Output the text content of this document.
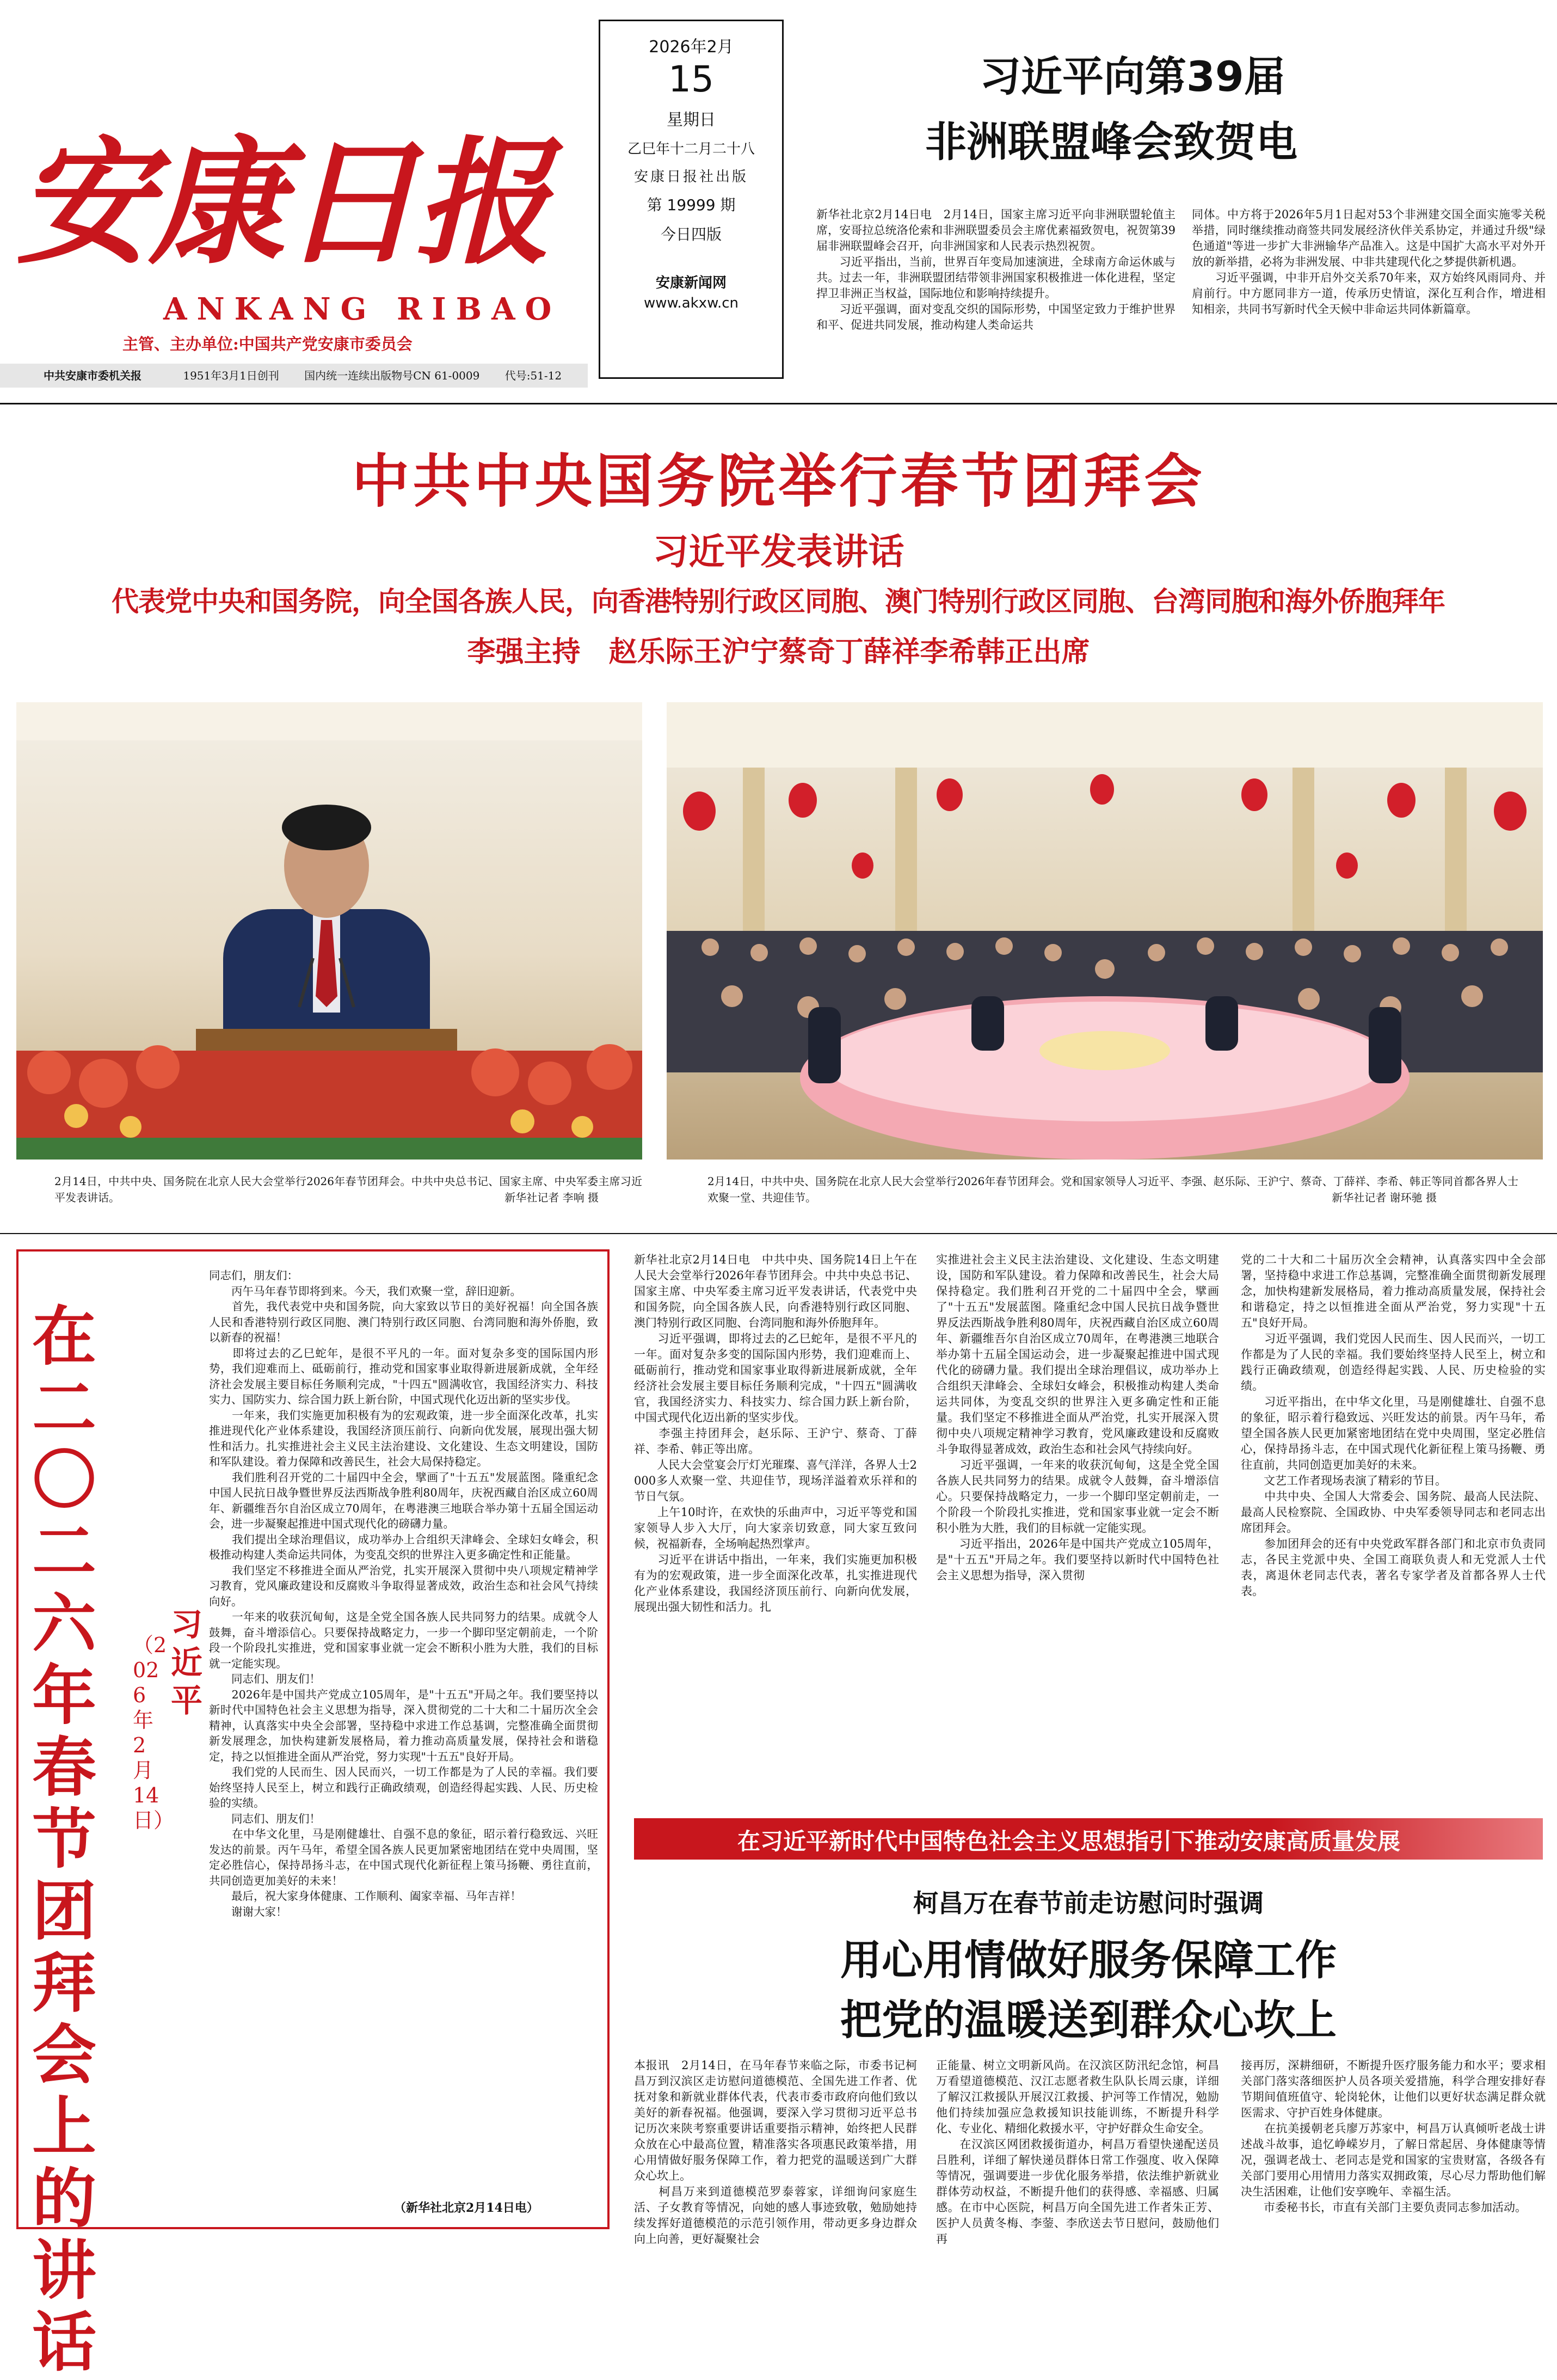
安康日报
ANKANG RIBAO
主管、主办单位:中国共产党安康市委员会
中共安康市委机关报	1951年3月1日创刊 国内统一连续出版物号CN 61-0009 代号:51-12
2026年2月
15
星期日
乙巳年十二月二十八
安康日报社出版
第 19999 期
今日四版
安康新闻网
www.akxw.cn
习近平向第39届
非洲联盟峰会致贺电
新华社北京2月14日电　2月14日，国家主席习近平向非洲联盟轮值主席，安哥拉总统洛伦索和非洲联盟委员会主席优素福致贺电，祝贺第39届非洲联盟峰会召开，向非洲国家和人民表示热烈祝贺。
　　习近平指出，当前，世界百年变局加速演进，全球南方命运休戚与共。过去一年，非洲联盟团结带领非洲国家积极推进一体化进程，坚定捍卫非洲正当权益，国际地位和影响持续提升。
　　习近平强调，面对变乱交织的国际形势，中国坚定致力于维护世界和平、促进共同发展，推动构建人类命运共
同体。中方将于2026年5月1日起对53个非洲建交国全面实施零关税举措，同时继续推动商签共同发展经济伙伴关系协定，并通过升级"绿色通道"等进一步扩大非洲输华产品准入。这是中国扩大高水平对外开放的新举措，必将为非洲发展、中非共建现代化之梦提供新机遇。
　　习近平强调，中非开启外交关系70年来，双方始终风雨同舟、并肩前行。中方愿同非方一道，传承历史情谊，深化互利合作，增进相知相亲，共同书写新时代全天候中非命运共同体新篇章。
中共中央国务院举行春节团拜会
习近平发表讲话
代表党中央和国务院，向全国各族人民，向香港特别行政区同胞、澳门特别行政区同胞、台湾同胞和海外侨胞拜年
李强主持　赵乐际王沪宁蔡奇丁薛祥李希韩正出席
2月14日，中共中央、国务院在北京人民大会堂举行2026年春节团拜会。中共中央总书记、国家主席、中央军委主席习近平发表讲话。	新华社记者 李响 摄
2月14日，中共中央、国务院在北京人民大会堂举行2026年春节团拜会。党和国家领导人习近平、李强、赵乐际、王沪宁、蔡奇、丁薛祥、李希、韩正等同首都各界人士欢聚一堂、共迎佳节。	新华社记者 谢环驰 摄
在二〇二六年春节团拜会上的讲话
（2026年2月14日）
习近平
同志们，朋友们：
　　丙午马年春节即将到来。今天，我们欢聚一堂，辞旧迎新。
　　首先，我代表党中央和国务院，向大家致以节日的美好祝福！向全国各族人民和香港特别行政区同胞、澳门特别行政区同胞、台湾同胞和海外侨胞，致以新春的祝福！
　　即将过去的乙巳蛇年，是很不平凡的一年。面对复杂多变的国际国内形势，我们迎难而上、砥砺前行，推动党和国家事业取得新进展新成就，全年经济社会发展主要目标任务顺利完成，"十四五"圆满收官，我国经济实力、科技实力、国防实力、综合国力跃上新台阶，中国式现代化迈出新的坚实步伐。
　　一年来，我们实施更加积极有为的宏观政策，进一步全面深化改革，扎实推进现代化产业体系建设，我国经济顶压前行、向新向优发展，展现出强大韧性和活力。扎实推进社会主义民主法治建设、文化建设、生态文明建设，国防和军队建设。着力保障和改善民生，社会大局保持稳定。
　　我们胜利召开党的二十届四中全会，擘画了"十五五"发展蓝图。隆重纪念中国人民抗日战争暨世界反法西斯战争胜利80周年，庆祝西藏自治区成立60周年、新疆维吾尔自治区成立70周年，在粤港澳三地联合举办第十五届全国运动会，进一步凝聚起推进中国式现代化的磅礴力量。
　　我们提出全球治理倡议，成功举办上合组织天津峰会、全球妇女峰会，积极推动构建人类命运共同体，为变乱交织的世界注入更多确定性和正能量。
　　我们坚定不移推进全面从严治党，扎实开展深入贯彻中央八项规定精神学习教育，党风廉政建设和反腐败斗争取得显著成效，政治生态和社会风气持续向好。
　　一年来的收获沉甸甸，这是全党全国各族人民共同努力的结果。成就令人鼓舞，奋斗增添信心。只要保持战略定力，一步一个脚印坚定朝前走，一个阶段一个阶段扎实推进，党和国家事业就一定会不断积小胜为大胜，我们的目标就一定能实现。
　　同志们、朋友们！
　　2026年是中国共产党成立105周年，是"十五五"开局之年。我们要坚持以新时代中国特色社会主义思想为指导，深入贯彻党的二十大和二十届历次全会精神，认真落实中央全会部署，坚持稳中求进工作总基调，完整准确全面贯彻新发展理念，加快构建新发展格局，着力推动高质量发展，保持社会和谐稳定，持之以恒推进全面从严治党，努力实现"十五五"良好开局。
　　我们党的人民而生、因人民而兴，一切工作都是为了人民的幸福。我们要始终坚持人民至上，树立和践行正确政绩观，创造经得起实践、人民、历史检验的实绩。
　　同志们、朋友们！
　　在中华文化里，马是刚健雄壮、自强不息的象征，昭示着行稳致远、兴旺发达的前景。丙午马年，希望全国各族人民更加紧密地团结在党中央周围，坚定必胜信心，保持昂扬斗志，在中国式现代化新征程上策马扬鞭、勇往直前，共同创造更加美好的未来！
　　最后，祝大家身体健康、工作顺利、阖家幸福、马年吉祥！
　　谢谢大家！
（新华社北京2月14日电）
新华社北京2月14日电　中共中央、国务院14日上午在人民大会堂举行2026年春节团拜会。中共中央总书记、国家主席、中央军委主席习近平发表讲话，代表党中央和国务院，向全国各族人民，向香港特别行政区同胞、澳门特别行政区同胞、台湾同胞和海外侨胞拜年。
　　习近平强调，即将过去的乙巳蛇年，是很不平凡的一年。面对复杂多变的国际国内形势，我们迎难而上、砥砺前行，推动党和国家事业取得新进展新成就，全年经济社会发展主要目标任务顺利完成，"十四五"圆满收官，我国经济实力、科技实力、综合国力跃上新台阶，中国式现代化迈出新的坚实步伐。
　　李强主持团拜会，赵乐际、王沪宁、蔡奇、丁薛祥、李希、韩正等出席。
　　人民大会堂宴会厅灯光璀璨、喜气洋洋，各界人士2000多人欢聚一堂、共迎佳节，现场洋溢着欢乐祥和的节日气氛。
　　上午10时许，在欢快的乐曲声中，习近平等党和国家领导人步入大厅，向大家亲切致意，同大家互致问候，祝福新春，全场响起热烈掌声。
　　习近平在讲话中指出，一年来，我们实施更加积极有为的宏观政策，进一步全面深化改革，扎实推进现代化产业体系建设，我国经济顶压前行、向新向优发展，展现出强大韧性和活力。扎
实推进社会主义民主法治建设、文化建设、生态文明建设，国防和军队建设。着力保障和改善民生，社会大局保持稳定。我们胜利召开党的二十届四中全会，擘画了"十五五"发展蓝图。隆重纪念中国人民抗日战争暨世界反法西斯战争胜利80周年，庆祝西藏自治区成立60周年、新疆维吾尔自治区成立70周年，在粤港澳三地联合举办第十五届全国运动会，进一步凝聚起推进中国式现代化的磅礴力量。我们提出全球治理倡议，成功举办上合组织天津峰会、全球妇女峰会，积极推动构建人类命运共同体，为变乱交织的世界注入更多确定性和正能量。我们坚定不移推进全面从严治党，扎实开展深入贯彻中央八项规定精神学习教育，党风廉政建设和反腐败斗争取得显著成效，政治生态和社会风气持续向好。
　　习近平强调，一年来的收获沉甸甸，这是全党全国各族人民共同努力的结果。成就令人鼓舞，奋斗增添信心。只要保持战略定力，一步一个脚印坚定朝前走，一个阶段一个阶段扎实推进，党和国家事业就一定会不断积小胜为大胜，我们的目标就一定能实现。
　　习近平指出，2026年是中国共产党成立105周年，是"十五五"开局之年。我们要坚持以新时代中国特色社会主义思想为指导，深入贯彻
党的二十大和二十届历次全会精神，认真落实四中全会部署，坚持稳中求进工作总基调，完整准确全面贯彻新发展理念，加快构建新发展格局，着力推动高质量发展，保持社会和谐稳定，持之以恒推进全面从严治党，努力实现"十五五"良好开局。
　　习近平强调，我们党因人民而生、因人民而兴，一切工作都是为了人民的幸福。我们要始终坚持人民至上，树立和践行正确政绩观，创造经得起实践、人民、历史检验的实绩。
　　习近平指出，在中华文化里，马是刚健雄壮、自强不息的象征，昭示着行稳致远、兴旺发达的前景。丙午马年，希望全国各族人民更加紧密地团结在党中央周围，坚定必胜信心，保持昂扬斗志，在中国式现代化新征程上策马扬鞭、勇往直前，共同创造更加美好的未来。
　　文艺工作者现场表演了精彩的节目。
　　中共中央、全国人大常委会、国务院、最高人民法院、最高人民检察院、全国政协、中央军委领导同志和老同志出席团拜会。
　　参加团拜会的还有中央党政军群各部门和北京市负责同志，各民主党派中央、全国工商联负责人和无党派人士代表，离退休老同志代表，著名专家学者及首都各界人士代表。
在习近平新时代中国特色社会主义思想指引下推动安康高质量发展
柯昌万在春节前走访慰问时强调
用心用情做好服务保障工作
把党的温暖送到群众心坎上
本报讯　2月14日，在马年春节来临之际，市委书记柯昌万到汉滨区走访慰问道德模范、全国先进工作者、优抚对象和新就业群体代表，代表市委市政府向他们致以美好的新春祝福。他强调，要深入学习贯彻习近平总书记历次来陕考察重要讲话重要指示精神，始终把人民群众放在心中最高位置，精准落实各项惠民政策举措，用心用情做好服务保障工作，着力把党的温暖送到广大群众心坎上。
　　柯昌万来到道德模范罗泰蓉家，详细询问家庭生活、子女教育等情况，向她的感人事迹致敬，勉励她持续发挥好道德模范的示范引领作用，带动更多身边群众向上向善，更好凝聚社会
正能量、树立文明新风尚。在汉滨区防汛纪念馆，柯昌万看望道德模范、汉江志愿者救生队队长周云康，详细了解汉江救援队开展汉江救援、护河等工作情况，勉励他们持续加强应急救援知识技能训练，不断提升科学化、专业化、精细化救援水平，守护好群众生命安全。
　　在汉滨区网团救援街道办，柯昌万看望快递配送员吕胜利，详细了解快递员群体日常工作强度、收入保障等情况，强调要进一步优化服务举措，依法维护新就业群体劳动权益，不断提升他们的获得感、幸福感、归属感。在市中心医院，柯昌万向全国先进工作者朱正芳、医护人员黄冬梅、李蓥、李欣送去节日慰问，鼓励他们再
接再厉，深耕细研，不断提升医疗服务能力和水平；要求相关部门落实落细医护人员各项关爱措施，科学合理安排好春节期间值班值守、轮岗轮休，让他们以更好状态满足群众就医需求、守护百姓身体健康。
　　在抗美援朝老兵廖万苏家中，柯昌万认真倾听老战士讲述战斗故事，追忆峥嵘岁月，了解日常起居、身体健康等情况，强调老战士、老同志是党和国家的宝贵财富，各级各有关部门要用心用情用力落实双拥政策，尽心尽力帮助他们解决生活困难，让他们安享晚年、幸福生活。
　　市委秘书长，市直有关部门主要负责同志参加活动。
